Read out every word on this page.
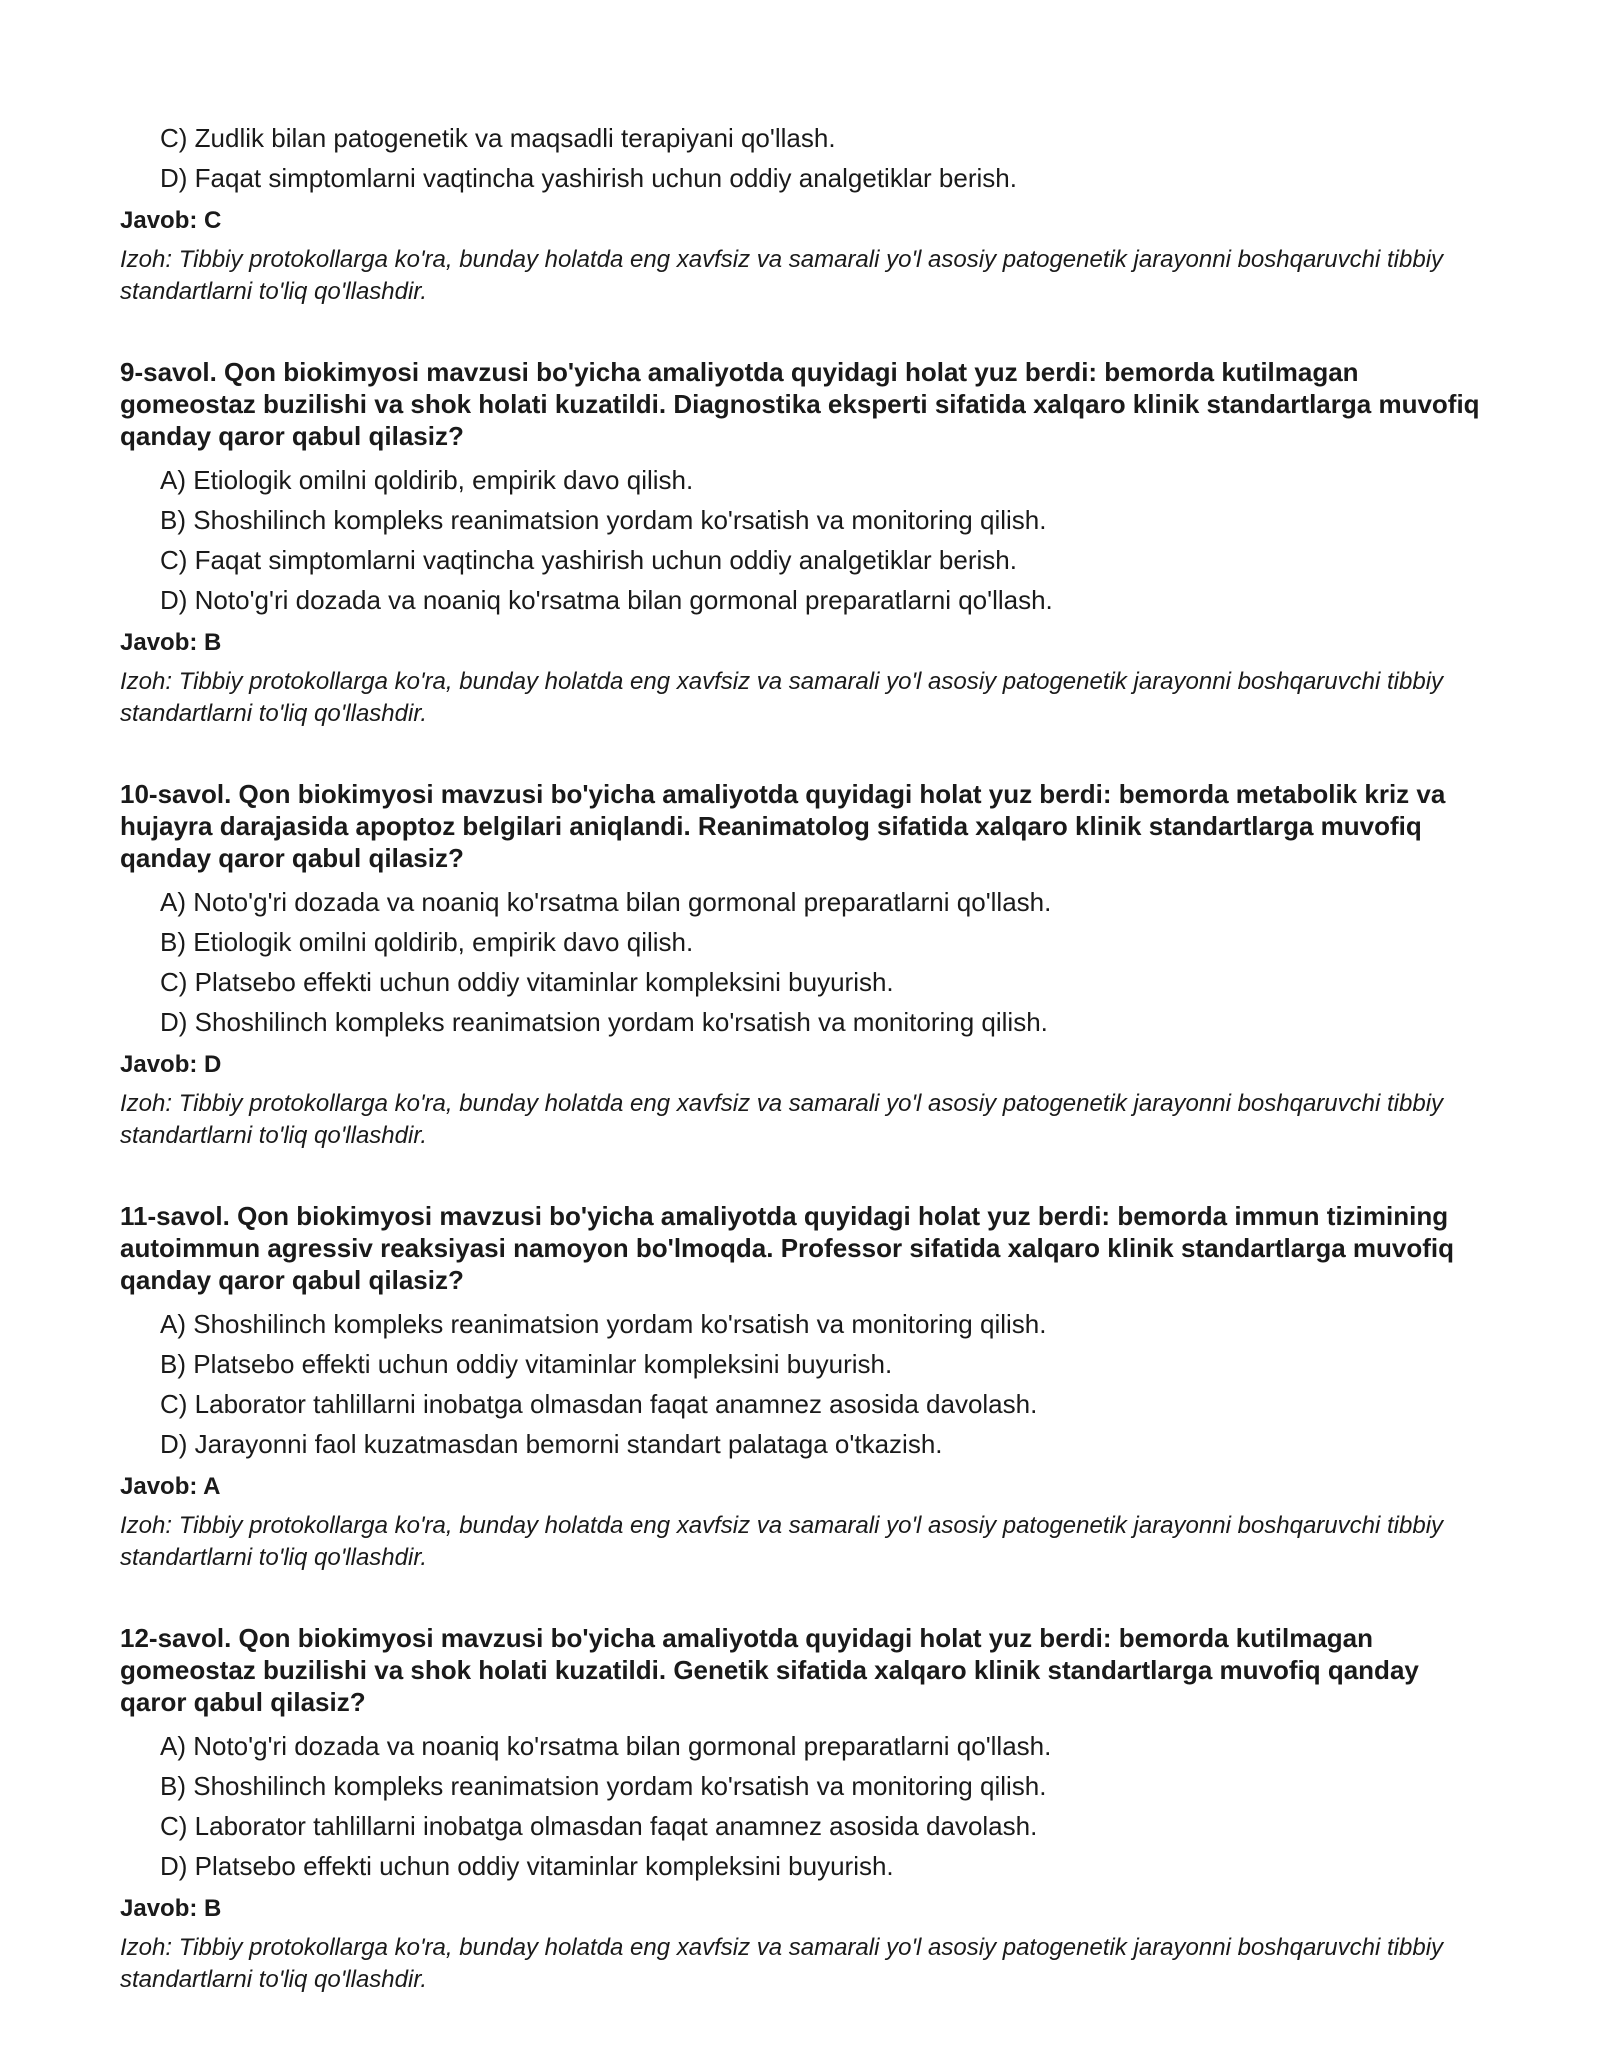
C) Zudlik bilan patogenetik va maqsadli terapiyani qo'llash.
D) Faqat simptomlarni vaqtincha yashirish uchun oddiy analgetiklar berish.
Javob: C
Izoh: Tibbiy protokollarga ko'ra, bunday holatda eng xavfsiz va samarali yo'l asosiy patogenetik jarayonni boshqaruvchi tibbiy standartlarni to'liq qo'llashdir.
9-savol. Qon biokimyosi mavzusi bo'yicha amaliyotda quyidagi holat yuz berdi: bemorda kutilmagan gomeostaz buzilishi va shok holati kuzatildi. Diagnostika eksperti sifatida xalqaro klinik standartlarga muvofiq qanday qaror qabul qilasiz?
A) Etiologik omilni qoldirib, empirik davo qilish.
B) Shoshilinch kompleks reanimatsion yordam ko'rsatish va monitoring qilish.
C) Faqat simptomlarni vaqtincha yashirish uchun oddiy analgetiklar berish.
D) Noto'g'ri dozada va noaniq ko'rsatma bilan gormonal preparatlarni qo'llash.
Javob: B
Izoh: Tibbiy protokollarga ko'ra, bunday holatda eng xavfsiz va samarali yo'l asosiy patogenetik jarayonni boshqaruvchi tibbiy standartlarni to'liq qo'llashdir.
10-savol. Qon biokimyosi mavzusi bo'yicha amaliyotda quyidagi holat yuz berdi: bemorda metabolik kriz va hujayra darajasida apoptoz belgilari aniqlandi. Reanimatolog sifatida xalqaro klinik standartlarga muvofiq qanday qaror qabul qilasiz?
A) Noto'g'ri dozada va noaniq ko'rsatma bilan gormonal preparatlarni qo'llash.
B) Etiologik omilni qoldirib, empirik davo qilish.
C) Platsebo effekti uchun oddiy vitaminlar kompleksini buyurish.
D) Shoshilinch kompleks reanimatsion yordam ko'rsatish va monitoring qilish.
Javob: D
Izoh: Tibbiy protokollarga ko'ra, bunday holatda eng xavfsiz va samarali yo'l asosiy patogenetik jarayonni boshqaruvchi tibbiy standartlarni to'liq qo'llashdir.
11-savol. Qon biokimyosi mavzusi bo'yicha amaliyotda quyidagi holat yuz berdi: bemorda immun tizimining autoimmun agressiv reaksiyasi namoyon bo'lmoqda. Professor sifatida xalqaro klinik standartlarga muvofiq qanday qaror qabul qilasiz?
A) Shoshilinch kompleks reanimatsion yordam ko'rsatish va monitoring qilish.
B) Platsebo effekti uchun oddiy vitaminlar kompleksini buyurish.
C) Laborator tahlillarni inobatga olmasdan faqat anamnez asosida davolash.
D) Jarayonni faol kuzatmasdan bemorni standart palataga o'tkazish.
Javob: A
Izoh: Tibbiy protokollarga ko'ra, bunday holatda eng xavfsiz va samarali yo'l asosiy patogenetik jarayonni boshqaruvchi tibbiy standartlarni to'liq qo'llashdir.
12-savol. Qon biokimyosi mavzusi bo'yicha amaliyotda quyidagi holat yuz berdi: bemorda kutilmagan gomeostaz buzilishi va shok holati kuzatildi. Genetik sifatida xalqaro klinik standartlarga muvofiq qanday qaror qabul qilasiz?
A) Noto'g'ri dozada va noaniq ko'rsatma bilan gormonal preparatlarni qo'llash.
B) Shoshilinch kompleks reanimatsion yordam ko'rsatish va monitoring qilish.
C) Laborator tahlillarni inobatga olmasdan faqat anamnez asosida davolash.
D) Platsebo effekti uchun oddiy vitaminlar kompleksini buyurish.
Javob: B
Izoh: Tibbiy protokollarga ko'ra, bunday holatda eng xavfsiz va samarali yo'l asosiy patogenetik jarayonni boshqaruvchi tibbiy standartlarni to'liq qo'llashdir.
